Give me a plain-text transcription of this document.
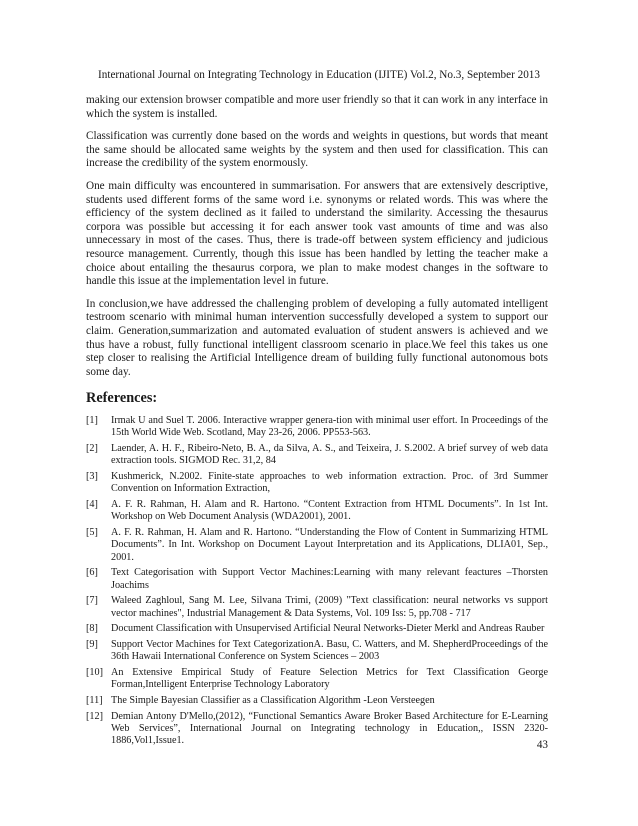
International Journal on Integrating Technology in Education (IJITE) Vol.2, No.3, September 2013

making our extension browser compatible and more user friendly so that it can work in any interface in which the system is installed.

Classification was currently done based on the words and weights in questions, but words that meant the same should be allocated same weights by the system and then used for classification. This can increase the credibility of the system enormously.

One main difficulty was encountered in summarisation. For answers that are extensively descriptive, students used different forms of the same word i.e. synonyms or related words. This was where the efficiency of the system declined as it failed to understand the similarity. Accessing the thesaurus corpora was possible but accessing it for each answer took vast amounts of time and was also unnecessary in most of the cases. Thus, there is trade-off between system efficiency and judicious resource management. Currently, though this issue has been handled by letting the teacher make a choice about entailing the thesaurus corpora, we plan to make modest changes in the software to handle this issue at the implementation level in future.

In conclusion,we have addressed the challenging problem of developing a fully automated intelligent testroom scenario with minimal human intervention successfully developed a system to support our claim. Generation,summarization and automated evaluation of student answers is achieved and we thus have a robust, fully functional intelligent classroom scenario in place.We feel this takes us one step closer to realising the Artificial Intelligence dream of building fully functional autonomous bots some day.

References:
[1]	Irmak U and Suel T. 2006. Interactive wrapper genera-tion with minimal user effort. In Proceedings of the 15th World Wide Web. Scotland, May 23-26, 2006. PP553-563.
[2]	Laender, A. H. F., Ribeiro-Neto, B. A., da Silva, A. S., and Teixeira, J. S.2002. A brief survey of web data extraction tools. SIGMOD Rec. 31,2, 84
[3]	Kushmerick, N.2002. Finite-state approaches to web information extraction. Proc. of 3rd Summer Convention on Information Extraction,
[4]	A. F. R. Rahman, H. Alam and R. Hartono. “Content Extraction from HTML Documents”. In 1st Int. Workshop on Web Document Analysis (WDA2001), 2001.
[5]	A. F. R. Rahman, H. Alam and R. Hartono. “Understanding the Flow of Content in Summarizing HTML Documents”. In Int. Workshop on Document Layout Interpretation and its Applications, DLIA01, Sep., 2001.
[6]	Text Categorisation with Support Vector Machines:Learning with many relevant feactures –Thorsten Joachims
[7]	Waleed Zaghloul, Sang M. Lee, Silvana Trimi, (2009) "Text classification: neural networks vs support vector machines", Industrial Management & Data Systems, Vol. 109 Iss: 5, pp.708 - 717
[8]	Document Classification with Unsupervised Artificial Neural Networks-Dieter Merkl and Andreas Rauber
[9]	Support Vector Machines for Text CategorizationA. Basu, C. Watters, and M. ShepherdProceedings of the 36th Hawaii International Conference on System Sciences – 2003
[10] An Extensive Empirical Study of Feature Selection Metrics for Text Classification George Forman,Intelligent Enterprise Technology Laboratory
[11] The Simple Bayesian Classifier as a Classification Algorithm -Leon Versteegen
[12] Demian Antony D'Mello,(2012), “Functional Semantics Aware Broker Based Architecture for E-Learning Web Services”, International Journal on Integrating technology in Education,, ISSN 2320-1886,Vol1,Issue1.	43
